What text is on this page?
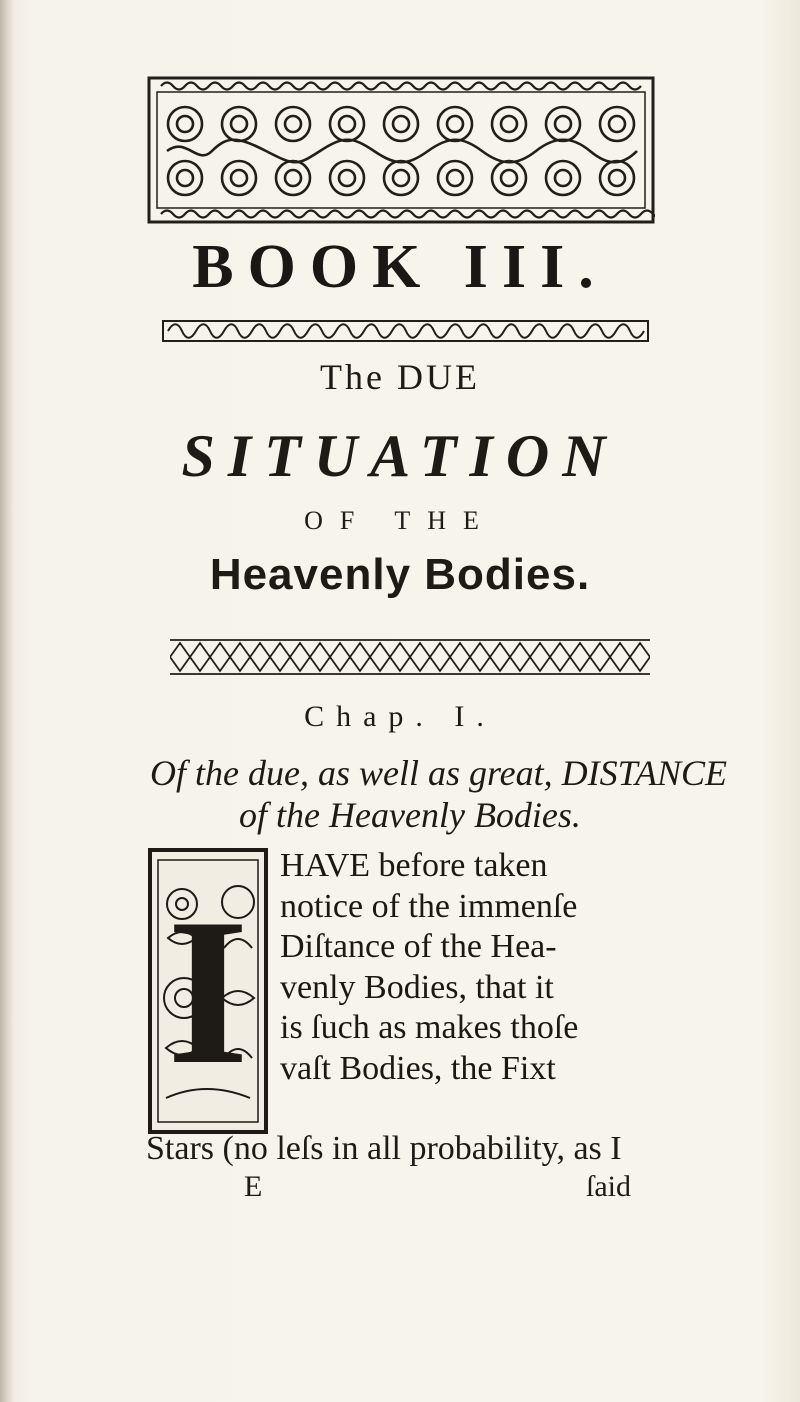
BOOK III.
The DUE
SITUATION
OF THE
Heavenly Bodies.
Chap. I.
Of the due, as well as great, DISTANCE
of the Heavenly Bodies.
I
HAVE before taken
notice of the immenſe
Diſtance of the Hea-
venly Bodies, that it
is ſuch as makes thoſe
vaſt Bodies, the Fixt
Stars (no leſs in all probability, as I
E	ſaid
